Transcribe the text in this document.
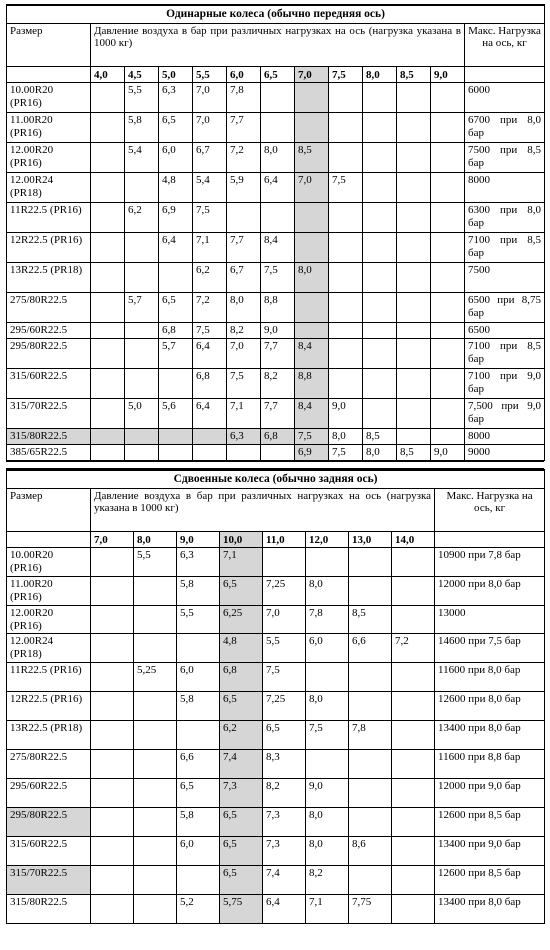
Одинарные колеса (обычно передняя ось)												
Размер	Давление воздуха в бар при различных нагрузках на ось (нагрузка указана в 1000 кг)											Макс. Нагрузка на ось, кг
	4,0	4,5	5,0	5,5	6,0	6,5	7,0	7,5	8,0	8,5	9,0	
10.00R20 (PR16)		5,5	6,3	7,0	7,8							6000
11.00R20 (PR16)		5,8	6,5	7,0	7,7							6700 при 8,0 бар
12.00R20 (PR16)		5,4	6,0	6,7	7,2	8,0	8,5					7500 при 8,5 бар
12.00R24 (PR18)			4,8	5,4	5,9	6,4	7,0	7,5				8000
11R22.5 (PR16)		6,2	6,9	7,5								6300 при 8,0 бар
12R22.5 (PR16)			6,4	7,1	7,7	8,4						7100 при 8,5 бар
13R22.5 (PR18)				6,2	6,7	7,5	8,0					7500
275/80R22.5		5,7	6,5	7,2	8,0	8,8						6500 при 8,75 бар
295/60R22.5			6,8	7,5	8,2	9,0						6500
295/80R22.5			5,7	6,4	7,0	7,7	8,4					7100 при 8,5 бар
315/60R22.5				6,8	7,5	8,2	8,8					7100 при 9,0 бар
315/70R22.5		5,0	5,6	6,4	7,1	7,7	8,4	9,0				7,500 при 9,0 бар
315/80R22.5					6,3	6,8	7,5	8,0	8,5			8000
385/65R22.5							6,9	7,5	8,0	8,5	9,0	9000
Сдвоенные колеса (обычно задняя ось)									
Размер	Давление воздуха в бар при различных нагрузках на ось (нагрузка указана в 1000 кг)								Макс. Нагрузка на ось, кг
	7,0	8,0	9,0	10,0	11,0	12,0	13,0	14,0	
10.00R20 (PR16)		5,5	6,3	7,1					10900 при 7,8 бар
11.00R20 (PR16)			5,8	6,5	7,25	8,0			12000 при 8,0 бар
12.00R20 (PR16)			5,5	6,25	7,0	7,8	8,5		13000
12.00R24 (PR18)				4,8	5,5	6,0	6,6	7,2	14600 при 7,5 бар
11R22.5 (PR16)		5,25	6,0	6,8	7,5				11600 при 8,0 бар
12R22.5 (PR16)			5,8	6,5	7,25	8,0			12600 при 8,0 бар
13R22.5 (PR18)				6,2	6,5	7,5	7,8		13400 при 8,0 бар
275/80R22.5			6,6	7,4	8,3				11600 при 8,8 бар
295/60R22.5			6,5	7,3	8,2	9,0			12000 при 9,0 бар
295/80R22.5			5,8	6,5	7,3	8,0			12600 при 8,5 бар
315/60R22.5			6,0	6,5	7,3	8,0	8,6		13400 при 9,0 бар
315/70R22.5				6,5	7,4	8,2			12600 при 8,5 бар
315/80R22.5			5,2	5,75	6,4	7,1	7,75		13400 при 8,0 бар
